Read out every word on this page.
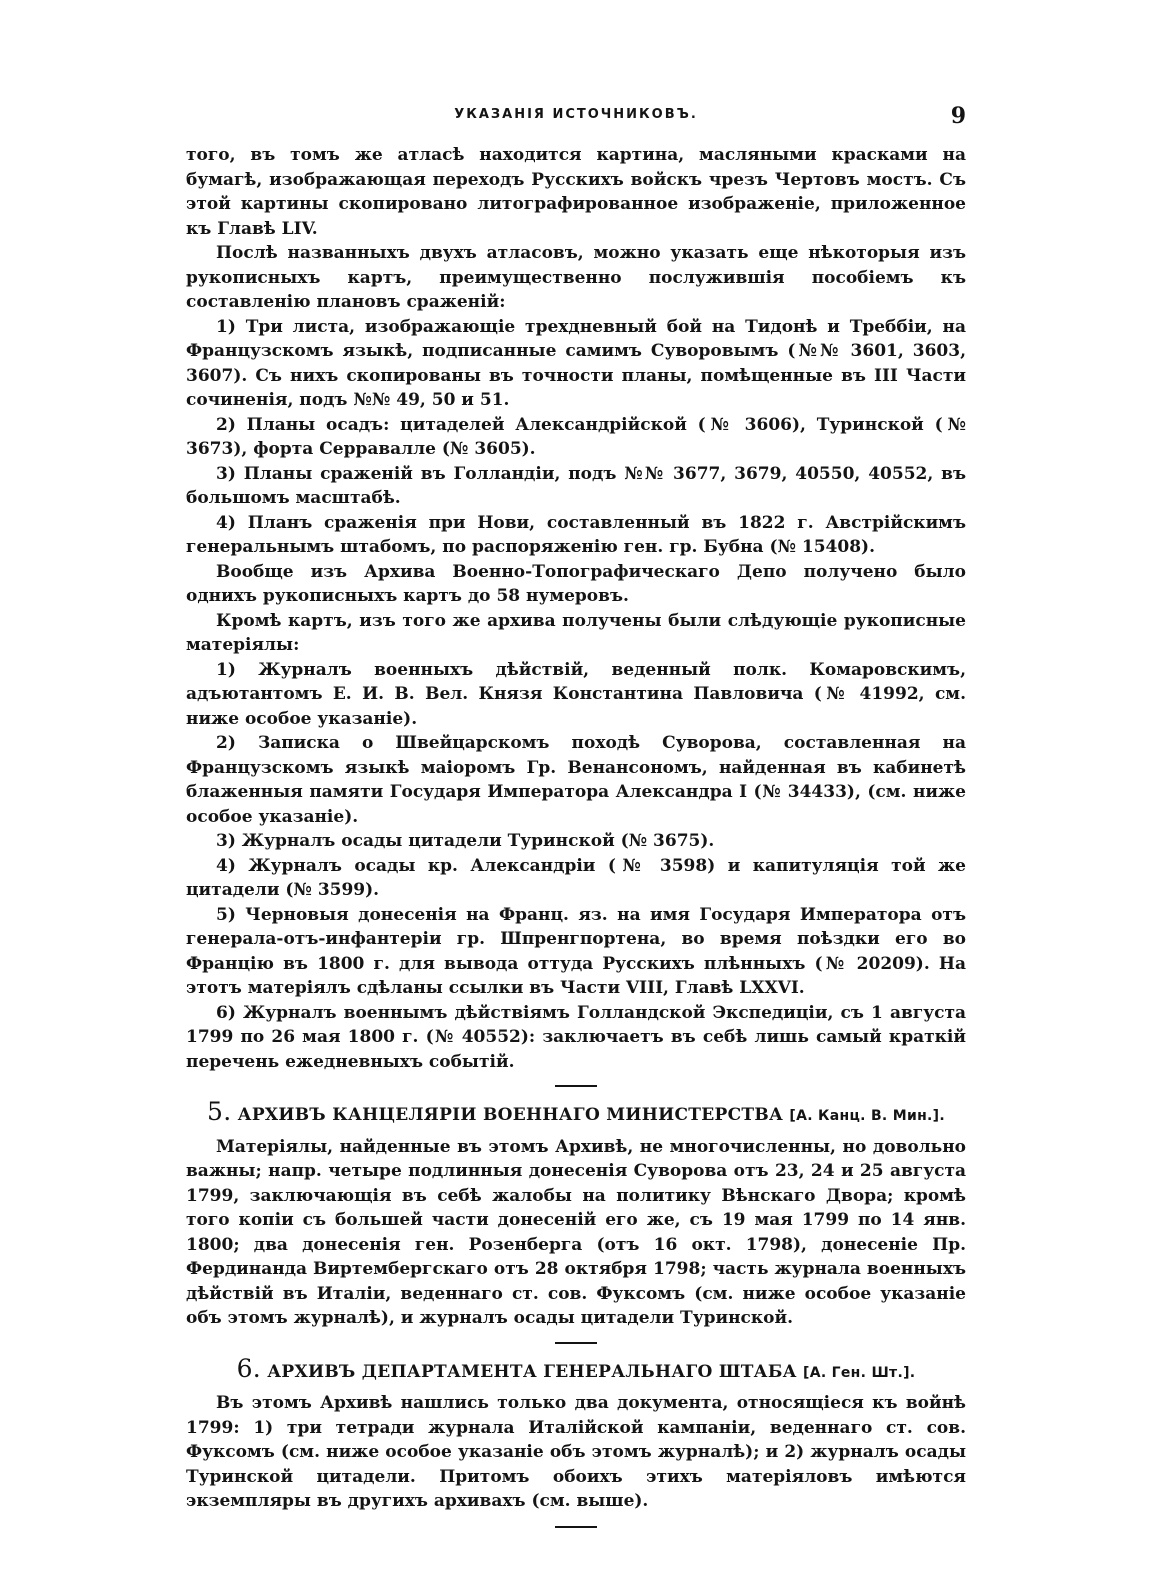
УКАЗАНІЯ ИСТОЧНИКОВЪ.	9

того, въ томъ же атласѣ находится картина, масляными красками на бумагѣ, изображающая переходъ Русскихъ войскъ чрезъ Чертовъ мостъ. Съ этой картины скопировано литографированное изображеніе, приложенное къ Главѣ LIV.

Послѣ названныхъ двухъ атласовъ, можно указать еще нѣкоторыя изъ рукописныхъ картъ, преимущественно послужившія пособіемъ къ составленію плановъ сраженій:

1) Три листа, изображающіе трехдневный бой на Тидонѣ и Треббіи, на Французскомъ языкѣ, подписанные самимъ Суворовымъ (№№ 3601, 3603, 3607). Съ нихъ скопированы въ точности планы, помѣщенные въ III Части сочиненія, подъ №№ 49, 50 и 51.

2) Планы осадъ: цитаделей Александрійской (№ 3606), Туринской (№ 3673), форта Серравалле (№ 3605).

3) Планы сраженій въ Голландіи, подъ №№ 3677, 3679, 40550, 40552, въ большомъ масштабѣ.

4) Планъ сраженія при Нови, составленный въ 1822 г. Австрійскимъ генеральнымъ штабомъ, по распоряженію ген. гр. Бубна (№ 15408).

Вообще изъ Архива Военно-Топографическаго Депо получено было однихъ рукописныхъ картъ до 58 нумеровъ.

Кромѣ картъ, изъ того же архива получены были слѣдующіе рукописные матеріялы:

1) Журналъ военныхъ дѣйствій, веденный полк. Комаровскимъ, адъютантомъ Е. И. В. Вел. Князя Константина Павловича (№ 41992, см. ниже особое указаніе).

2) Записка о Швейцарскомъ походѣ Суворова, составленная на Французскомъ языкѣ маіоромъ Гр. Венансономъ, найденная въ кабинетѣ блаженныя памяти Государя Императора Александра I (№ 34433), (см. ниже особое указаніе).

3) Журналъ осады цитадели Туринской (№ 3675).

4) Журналъ осады кр. Александріи (№ 3598) и капитуляція той же цитадели (№ 3599).

5) Черновыя донесенія на Франц. яз. на имя Государя Императора отъ генерала-отъ-инфантеріи гр. Шпренгпортена, во время поѣздки его во Францію въ 1800 г. для вывода оттуда Русскихъ плѣнныхъ (№ 20209). На этотъ матеріялъ сдѣланы ссылки въ Части VIII, Главѣ LXXVI.

6) Журналъ военнымъ дѣйствіямъ Голландской Экспедиціи, съ 1 августа 1799 по 26 мая 1800 г. (№ 40552): заключаетъ въ себѣ лишь самый краткій перечень ежедневныхъ событій.

5. АРХИВЪ КАНЦЕЛЯРІИ ВОЕННАГО МИНИСТЕРСТВА [А. Канц. В. Мин.].

Матеріялы, найденные въ этомъ Архивѣ, не многочисленны, но довольно важны; напр. четыре подлинныя донесенія Суворова отъ 23, 24 и 25 августа 1799, заключающія въ себѣ жалобы на политику Вѣнскаго Двора; кромѣ того копіи съ большей части донесеній его же, съ 19 мая 1799 по 14 янв. 1800; два донесенія ген. Розенберга (отъ 16 окт. 1798), донесеніе Пр. Фердинанда Виртембергскаго отъ 28 октября 1798; часть журнала военныхъ дѣйствій въ Италіи, веденнаго ст. сов. Фуксомъ (см. ниже особое указаніе объ этомъ журналѣ), и журналъ осады цитадели Туринской.

6. АРХИВЪ ДЕПАРТАМЕНТА ГЕНЕРАЛЬНАГО ШТАБА [А. Ген. Шт.].

Въ этомъ Архивѣ нашлись только два документа, относящіеся къ войнѣ 1799: 1) три тетради журнала Италійской кампаніи, веденнаго ст. сов. Фуксомъ (см. ниже особое указаніе объ этомъ журналѣ); и 2) журналъ осады Туринской цитадели. Притомъ обоихъ этихъ матеріяловъ имѣются экземпляры въ другихъ архивахъ (см. выше).
